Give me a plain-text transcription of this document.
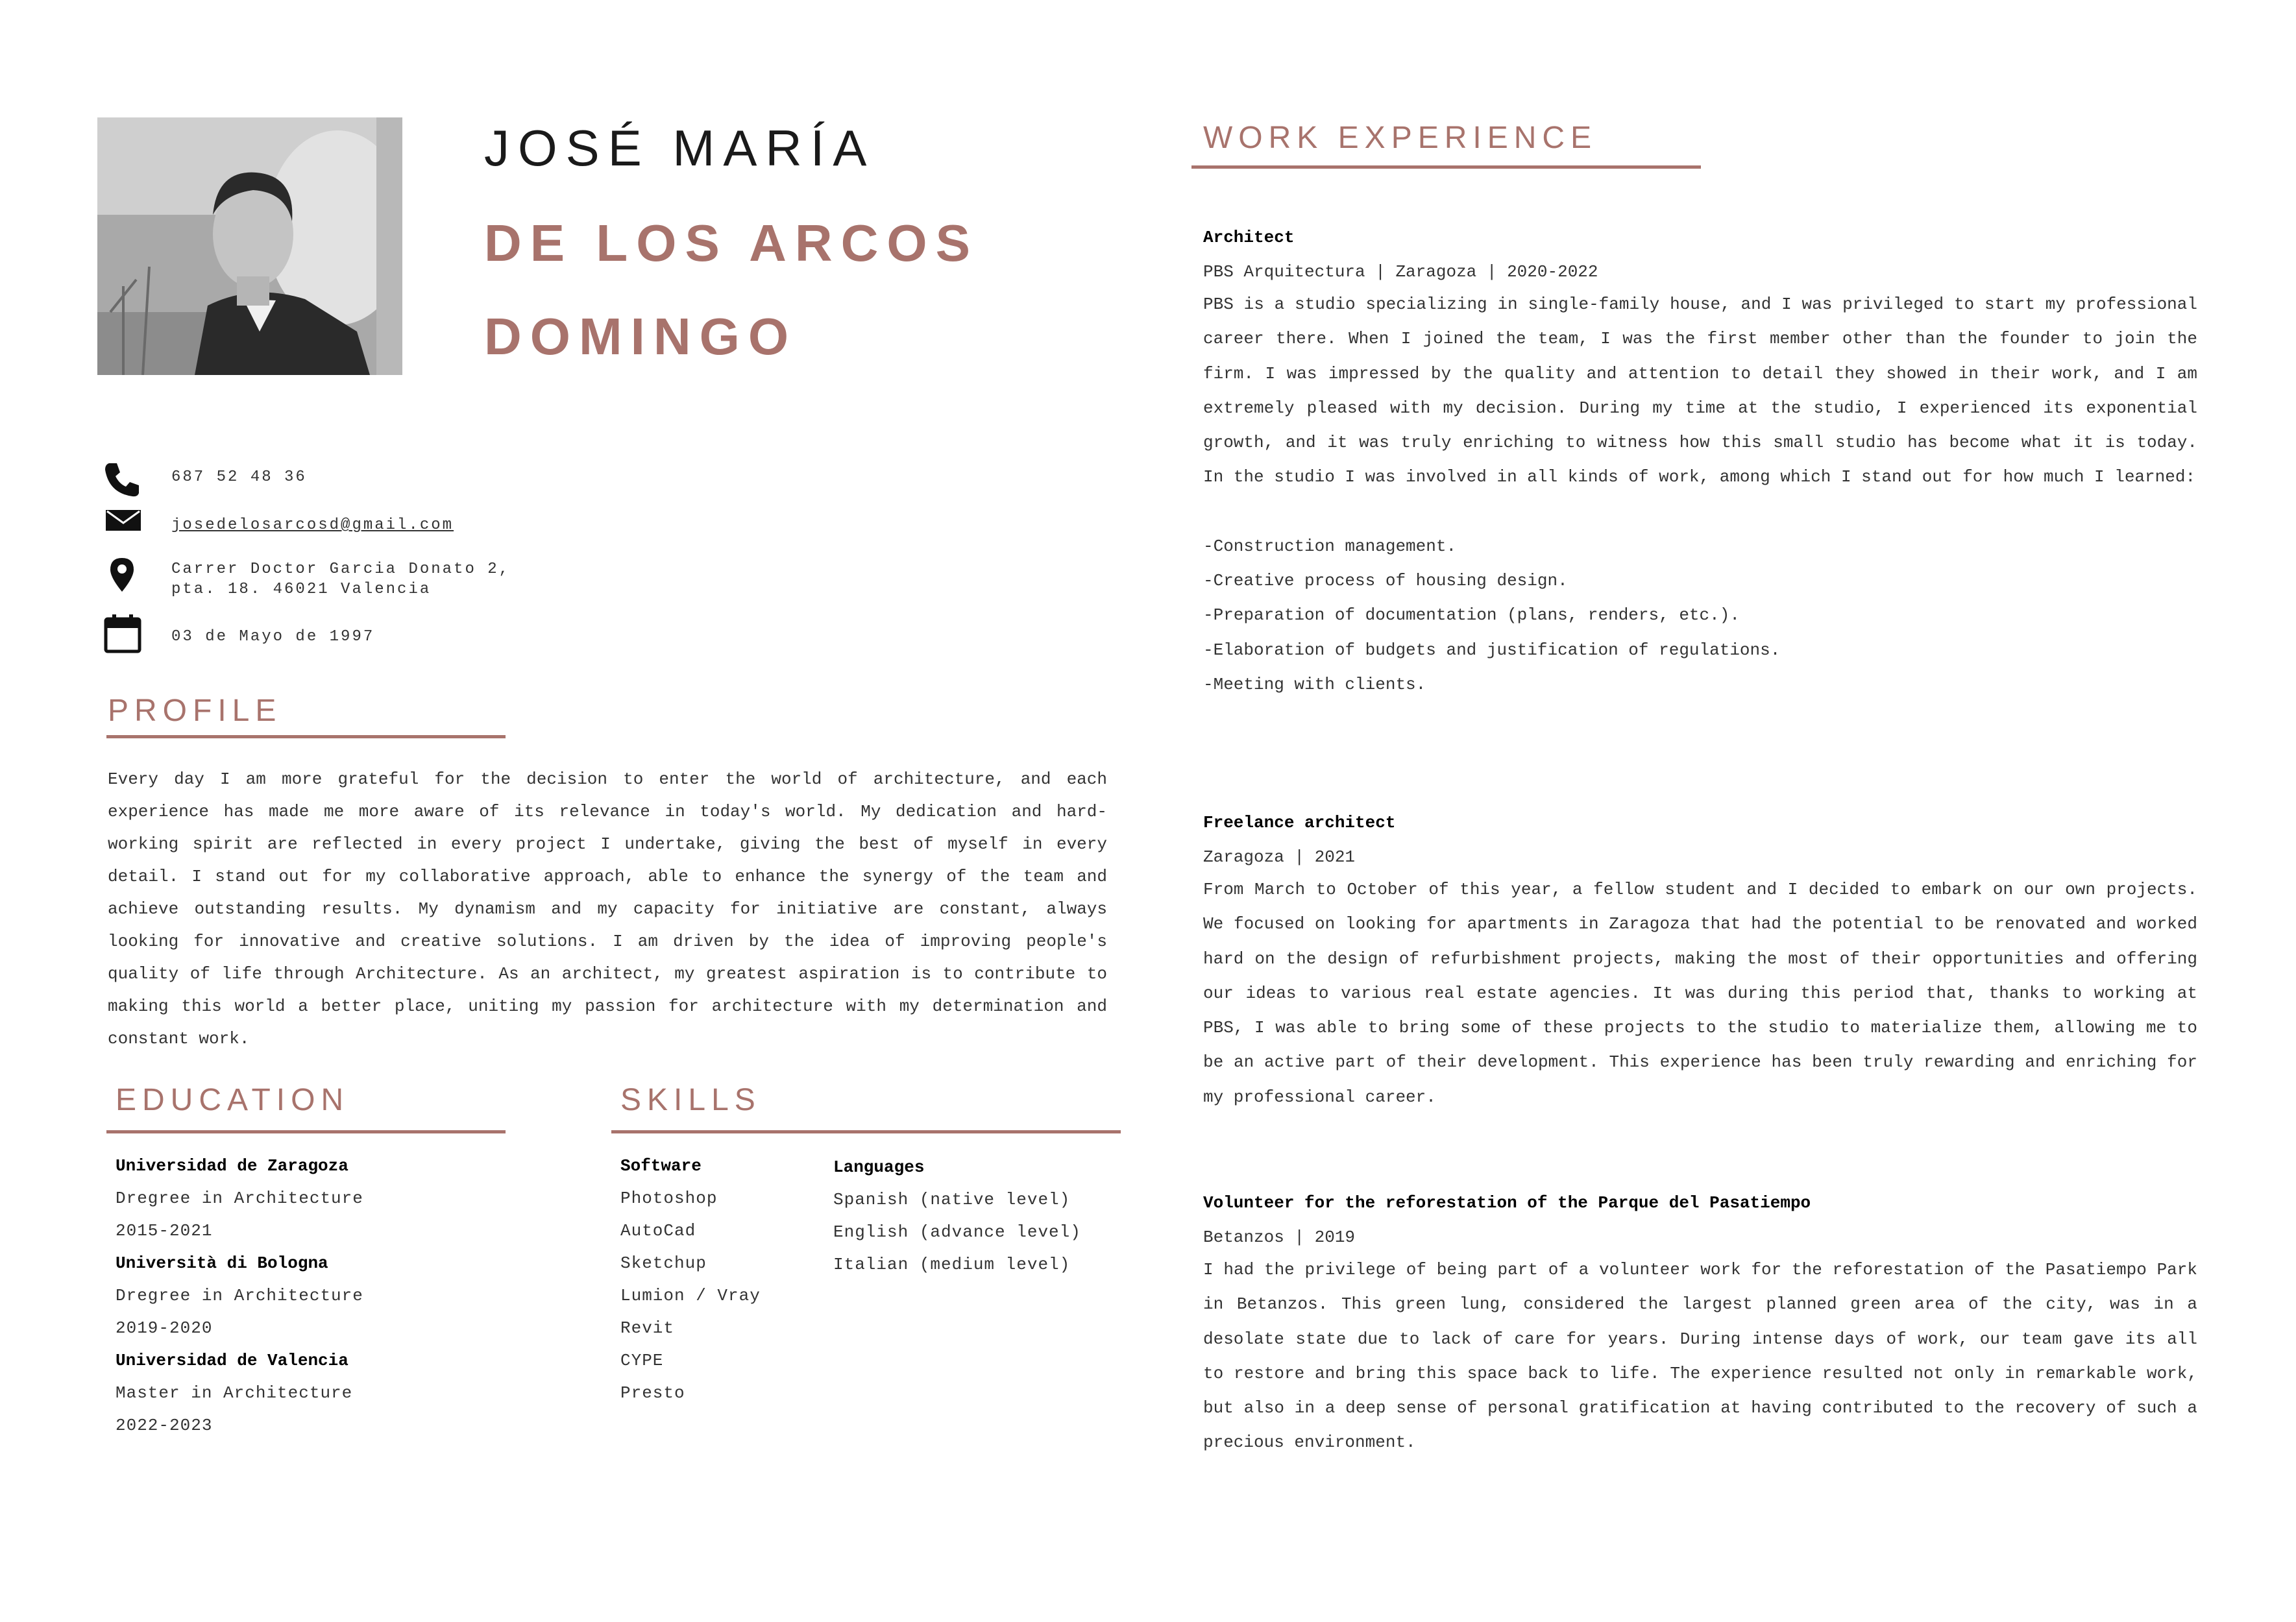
JOSÉ MARÍA
DE LOS ARCOS
DOMINGO
687 52 48 36
josedelosarcosd@gmail.com
Carrer Doctor Garcia Donato 2,
pta. 18. 46021 Valencia
03 de Mayo de 1997
PROFILE
Every day I am more grateful for the decision to enter the world of architecture, and each experience has made me more aware of its relevance in today's world. My dedication and hard-working spirit are reflected in every project I undertake, giving the best of myself in every detail. I stand out for my collaborative approach, able to enhance the synergy of the team and achieve outstanding results. My dynamism and my capacity for initiative are constant, always looking for innovative and creative solutions. I am driven by the idea of improving people's quality of life through Architecture. As an architect, my greatest aspiration is to contribute to making this world a better place, uniting my passion for architecture with my determination and constant work.
EDUCATION
Universidad de Zaragoza
Dregree in Architecture
2015-2021
Università di Bologna
Dregree in Architecture
2019-2020
Universidad de Valencia
Master in Architecture
2022-2023
SKILLS
Software
Photoshop
AutoCad
Sketchup
Lumion / Vray
Revit
CYPE
Presto
Languages
Spanish (native level)
English (advance level)
Italian (medium level)
WORK EXPERIENCE
Architect
PBS Arquitectura | Zaragoza | 2020-2022
PBS is a studio specializing in single-family house, and I was privileged to start my professional career there. When I joined the team, I was the first member other than the founder to join the firm. I was impressed by the quality and attention to detail they showed in their work, and I am extremely pleased with my decision. During my time at the studio, I experienced its exponential growth, and it was truly enriching to witness how this small studio has become what it is today. In the studio I was involved in all kinds of work, among which I stand out for how much I learned:
-Construction management.
-Creative process of housing design.
-Preparation of documentation (plans, renders, etc.).
-Elaboration of budgets and justification of regulations.
-Meeting with clients.
Freelance architect
Zaragoza | 2021
From March to October of this year, a fellow student and I decided to embark on our own projects. We focused on looking for apartments in Zaragoza that had the potential to be renovated and worked hard on the design of refurbishment projects, making the most of their opportunities and offering our ideas to various real estate agencies. It was during this period that, thanks to working at PBS, I was able to bring some of these projects to the studio to materialize them, allowing me to be an active part of their development. This experience has been truly rewarding and enriching for my professional career.
Volunteer for the reforestation of the Parque del Pasatiempo
Betanzos | 2019
I had the privilege of being part of a volunteer work for the reforestation of the Pasatiempo Park in Betanzos. This green lung, considered the largest planned green area of the city, was in a desolate state due to lack of care for years. During intense days of work, our team gave its all to restore and bring this space back to life. The experience resulted not only in remarkable work, but also in a deep sense of personal gratification at having contributed to the recovery of such a precious environment.
